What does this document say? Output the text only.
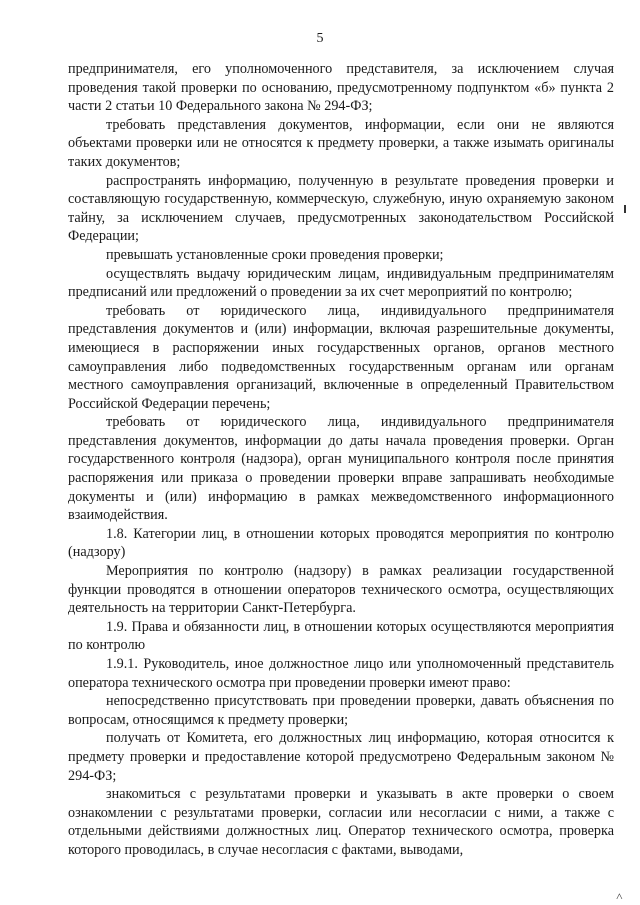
5

предпринимателя, его уполномоченного представителя, за исключением случая проведения такой проверки по основанию, предусмотренному подпунктом «б» пункта 2 части 2 статьи 10 Федерального закона № 294-ФЗ;

требовать представления документов, информации, если они не являются объектами проверки или не относятся к предмету проверки, а также изымать оригиналы таких документов;

распространять информацию, полученную в результате проведения проверки и составляющую государственную, коммерческую, служебную, иную охраняемую законом тайну, за исключением случаев, предусмотренных законодательством Российской Федерации;

превышать установленные сроки проведения проверки;

осуществлять выдачу юридическим лицам, индивидуальным предпринимателям предписаний или предложений о проведении за их счет мероприятий по контролю;

требовать от юридического лица, индивидуального предпринимателя представления документов и (или) информации, включая разрешительные документы, имеющиеся в распоряжении иных государственных органов, органов местного самоуправления либо подведомственных государственным органам или органам местного самоуправления организаций, включенные в определенный Правительством Российской Федерации перечень;

требовать от юридического лица, индивидуального предпринимателя представления документов, информации до даты начала проведения проверки. Орган государственного контроля (надзора), орган муниципального контроля после принятия распоряжения или приказа о проведении проверки вправе запрашивать необходимые документы и (или) информацию в рамках межведомственного информационного взаимодействия.

1.8. Категории лиц, в отношении которых проводятся мероприятия по контролю (надзору)

Мероприятия по контролю (надзору) в рамках реализации государственной функции проводятся в отношении операторов технического осмотра, осуществляющих деятельность на территории Санкт-Петербурга.

1.9. Права и обязанности лиц, в отношении которых осуществляются мероприятия по контролю

1.9.1. Руководитель, иное должностное лицо или уполномоченный представитель оператора технического осмотра при проведении проверки имеют право:

непосредственно присутствовать при проведении проверки, давать объяснения по вопросам, относящимся к предмету проверки;

получать от Комитета, его должностных лиц информацию, которая относится к предмету проверки и предоставление которой предусмотрено Федеральным законом № 294-ФЗ;

знакомиться с результатами проверки и указывать в акте проверки о своем ознакомлении с результатами проверки, согласии или несогласии с ними, а также с отдельными действиями должностных лиц. Оператор технического осмотра, проверка которого проводилась, в случае несогласия с фактами, выводами,

˄
